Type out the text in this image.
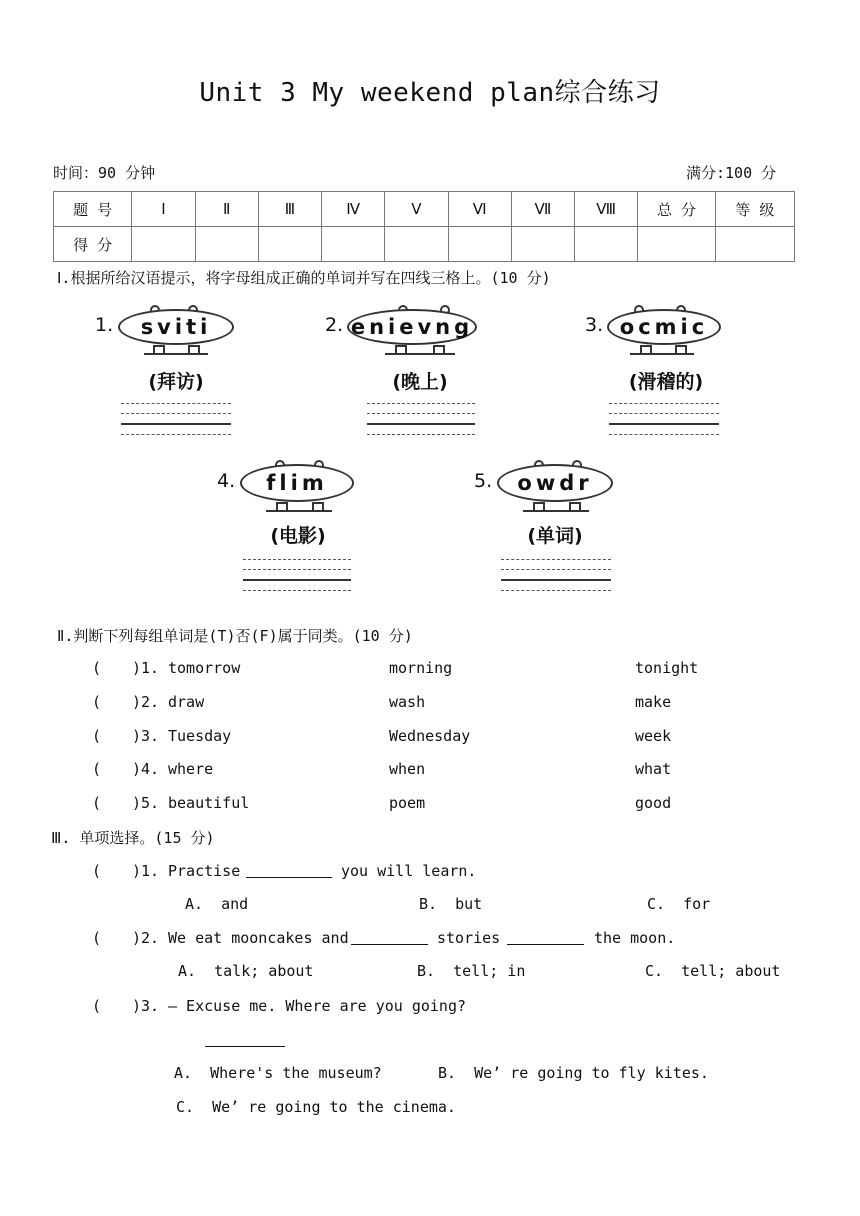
Unit 3 My weekend plan综合练习
时间：90 分钟	满分:100 分
题 号	Ⅰ	Ⅱ	Ⅲ	Ⅳ	Ⅴ	Ⅵ	Ⅶ	Ⅷ	总 分	等 级
得 分										
Ⅰ.根据所给汉语提示，将字母组成正确的单词并写在四线三格上。(10 分)
1.	sviti
(拜访)
2. enievng
(晚上)
3. ocmic
(滑稽的)
4.	flim
(电影)
5.	owdr
(单词)
Ⅱ.判断下列每组单词是(T)否(F)属于同类。(10 分)
( )1. tomorrow	morning	tonight
( )2. draw	wash	make
( )3. Tuesday	Wednesday	week
( )4. where	when	what
( )5. beautiful	poem	good
Ⅲ. 单项选择。(15 分)
( )1. Practise	you will learn.
A.  and	B.  but	C.  for
( )2. We eat mooncakes and	stories	the moon.
A.  talk; about	B.  tell; in	C.  tell; about
( )3. — Excuse me. Where are you going?
A.  Where's the museum?	B.  We’ re going to fly kites.
C.  We’ re going to the cinema.
